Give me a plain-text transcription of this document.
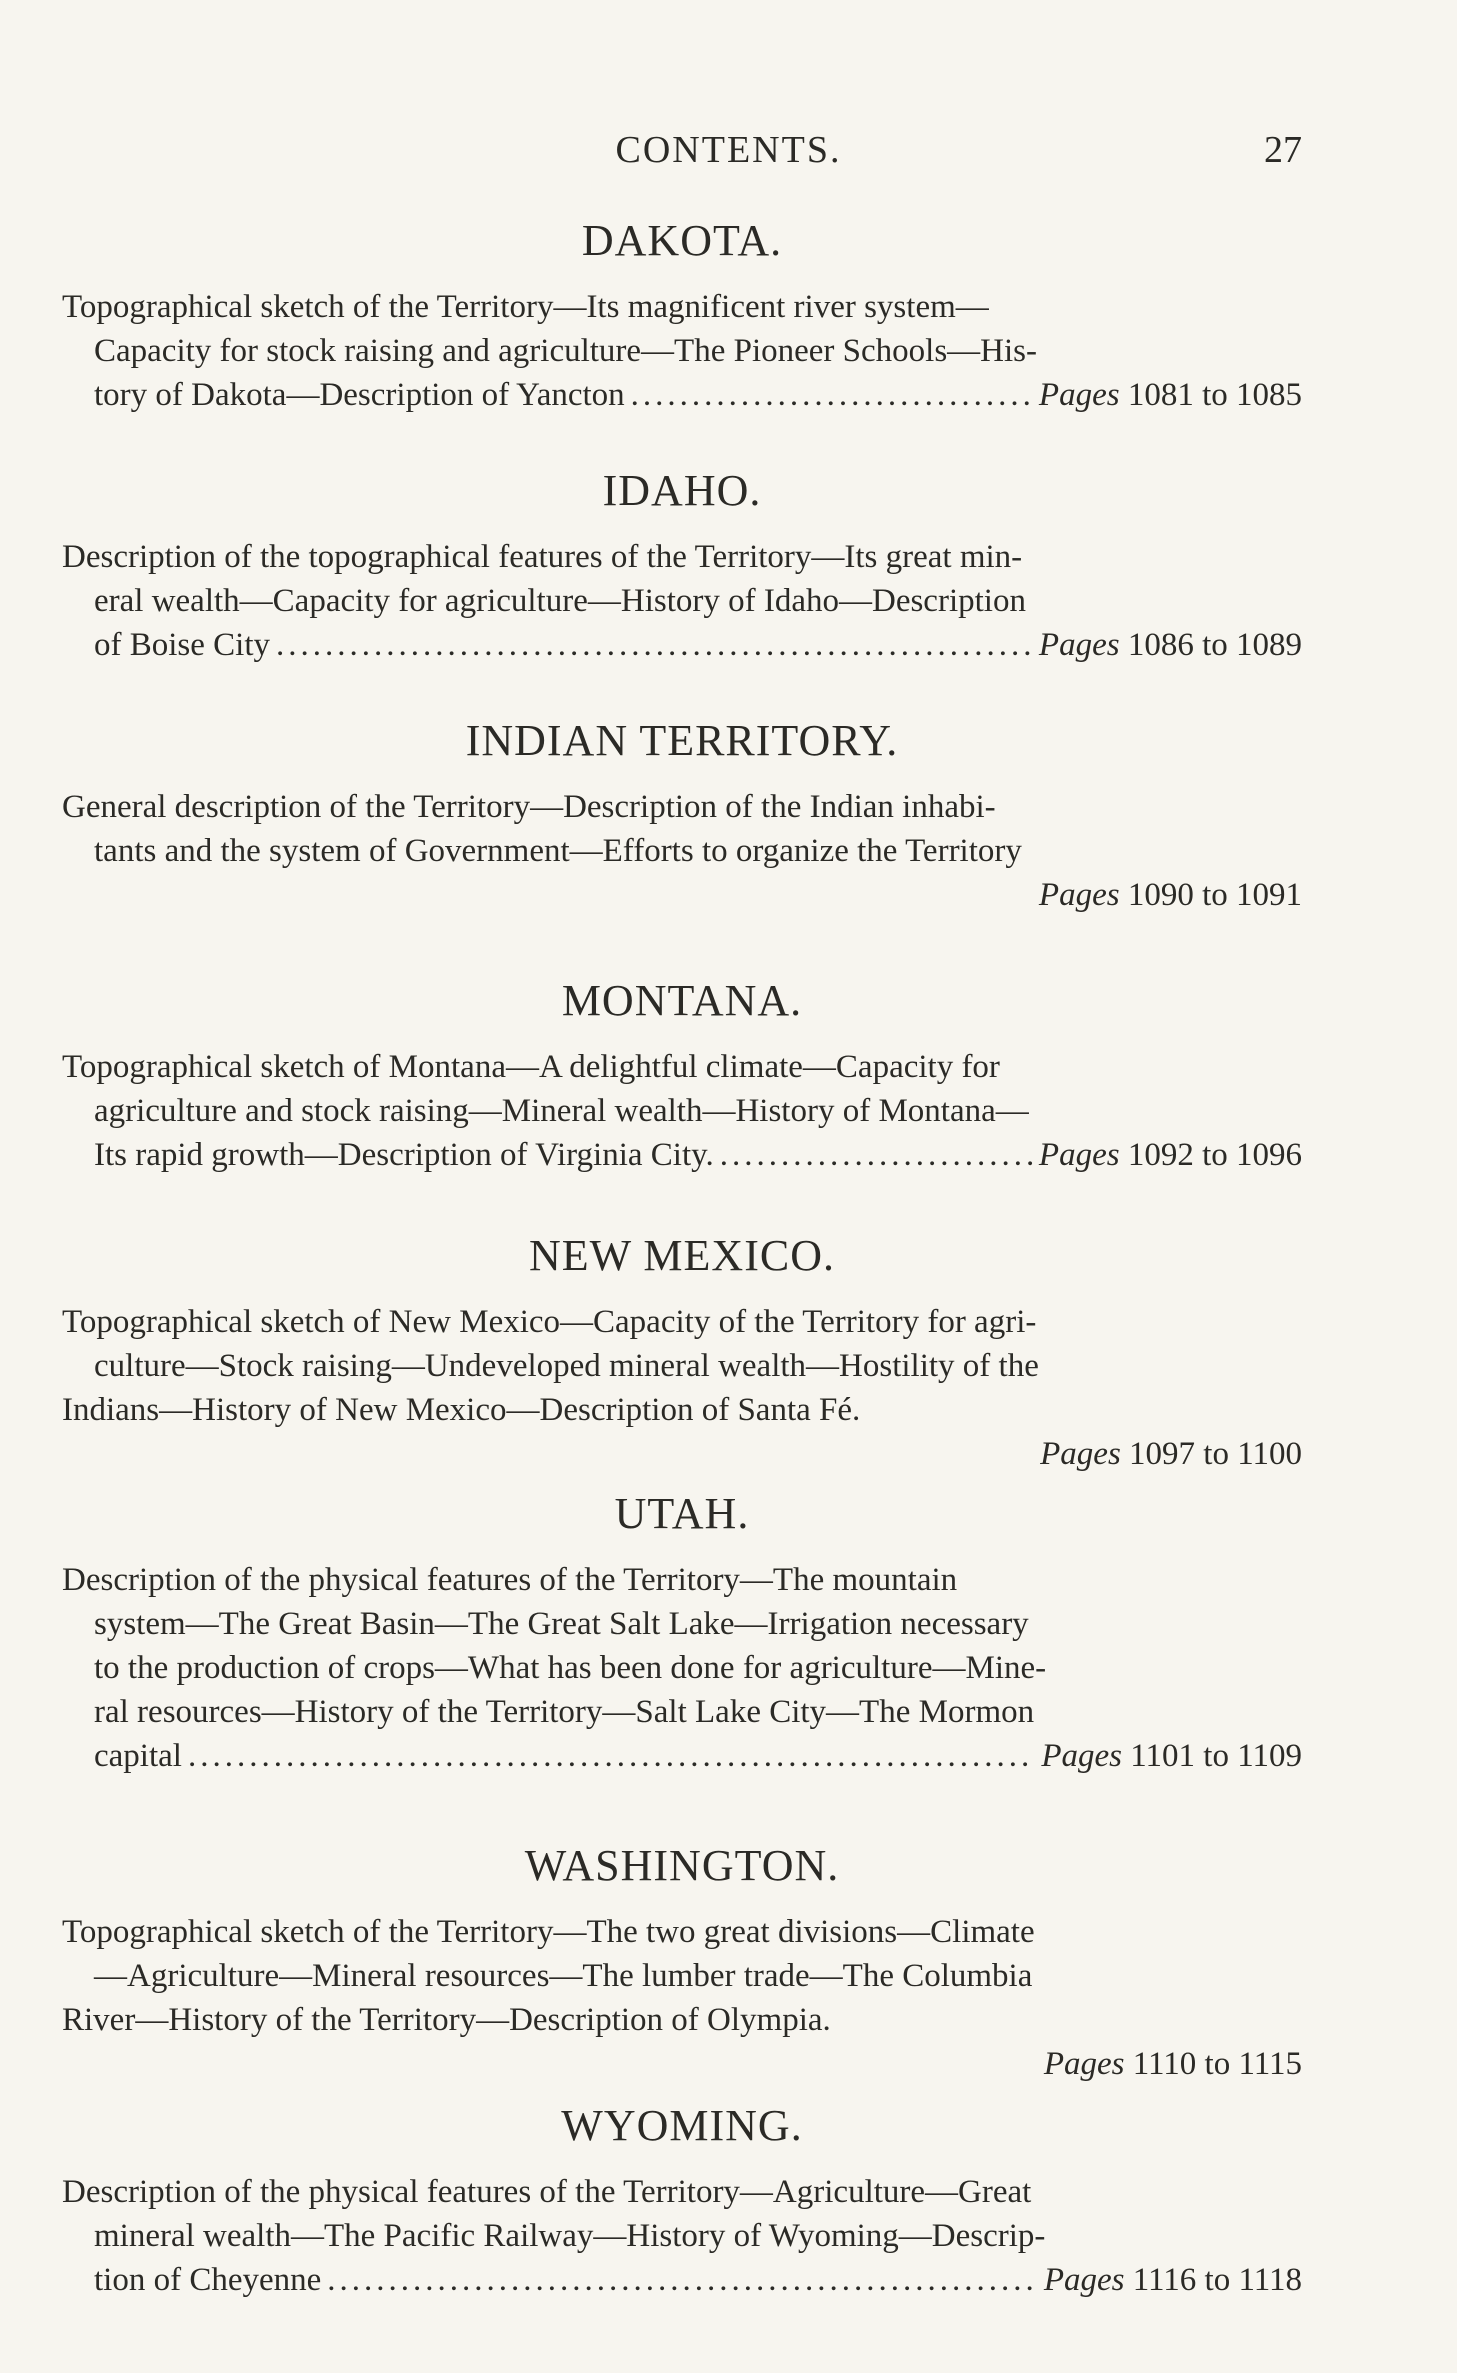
CONTENTS.	27
DAKOTA.

Topographical sketch of the Territory—Its magnificent river system—

Capacity for stock raising and agriculture—The Pioneer Schools—His-

tory of Dakota—Description of Yancton .....	Pages 1081 to 1085
IDAHO.

Description of the topographical features of the Territory—Its great min-

eral wealth—Capacity for agriculture—History of Idaho—Description

of Boise City .....	Pages 1086 to 1089
INDIAN TERRITORY.

General description of the Territory—Description of the Indian inhabi-

tants and the system of Government—Efforts to organize the Territory

Pages 1090 to 1091
MONTANA.

Topographical sketch of Montana—A delightful climate—Capacity for

agriculture and stock raising—Mineral wealth—History of Montana—

Its rapid growth—Description of Virginia City. .....	Pages 1092 to 1096
NEW MEXICO.

Topographical sketch of New Mexico—Capacity of the Territory for agri-

culture—Stock raising—Undeveloped mineral wealth—Hostility of the

Indians—History of New Mexico—Description of Santa Fé.

Pages 1097 to 1100
UTAH.

Description of the physical features of the Territory—The mountain

system—The Great Basin—The Great Salt Lake—Irrigation necessary

to the production of crops—What has been done for agriculture—Mine-

ral resources—History of the Territory—Salt Lake City—The Mormon

capital .....	Pages 1101 to 1109
WASHINGTON.

Topographical sketch of the Territory—The two great divisions—Climate

—Agriculture—Mineral resources—The lumber trade—The Columbia

River—History of the Territory—Description of Olympia.

Pages 1110 to 1115
WYOMING.

Description of the physical features of the Territory—Agriculture—Great

mineral wealth—The Pacific Railway—History of Wyoming—Descrip-

tion of Cheyenne .....	Pages 1116 to 1118
